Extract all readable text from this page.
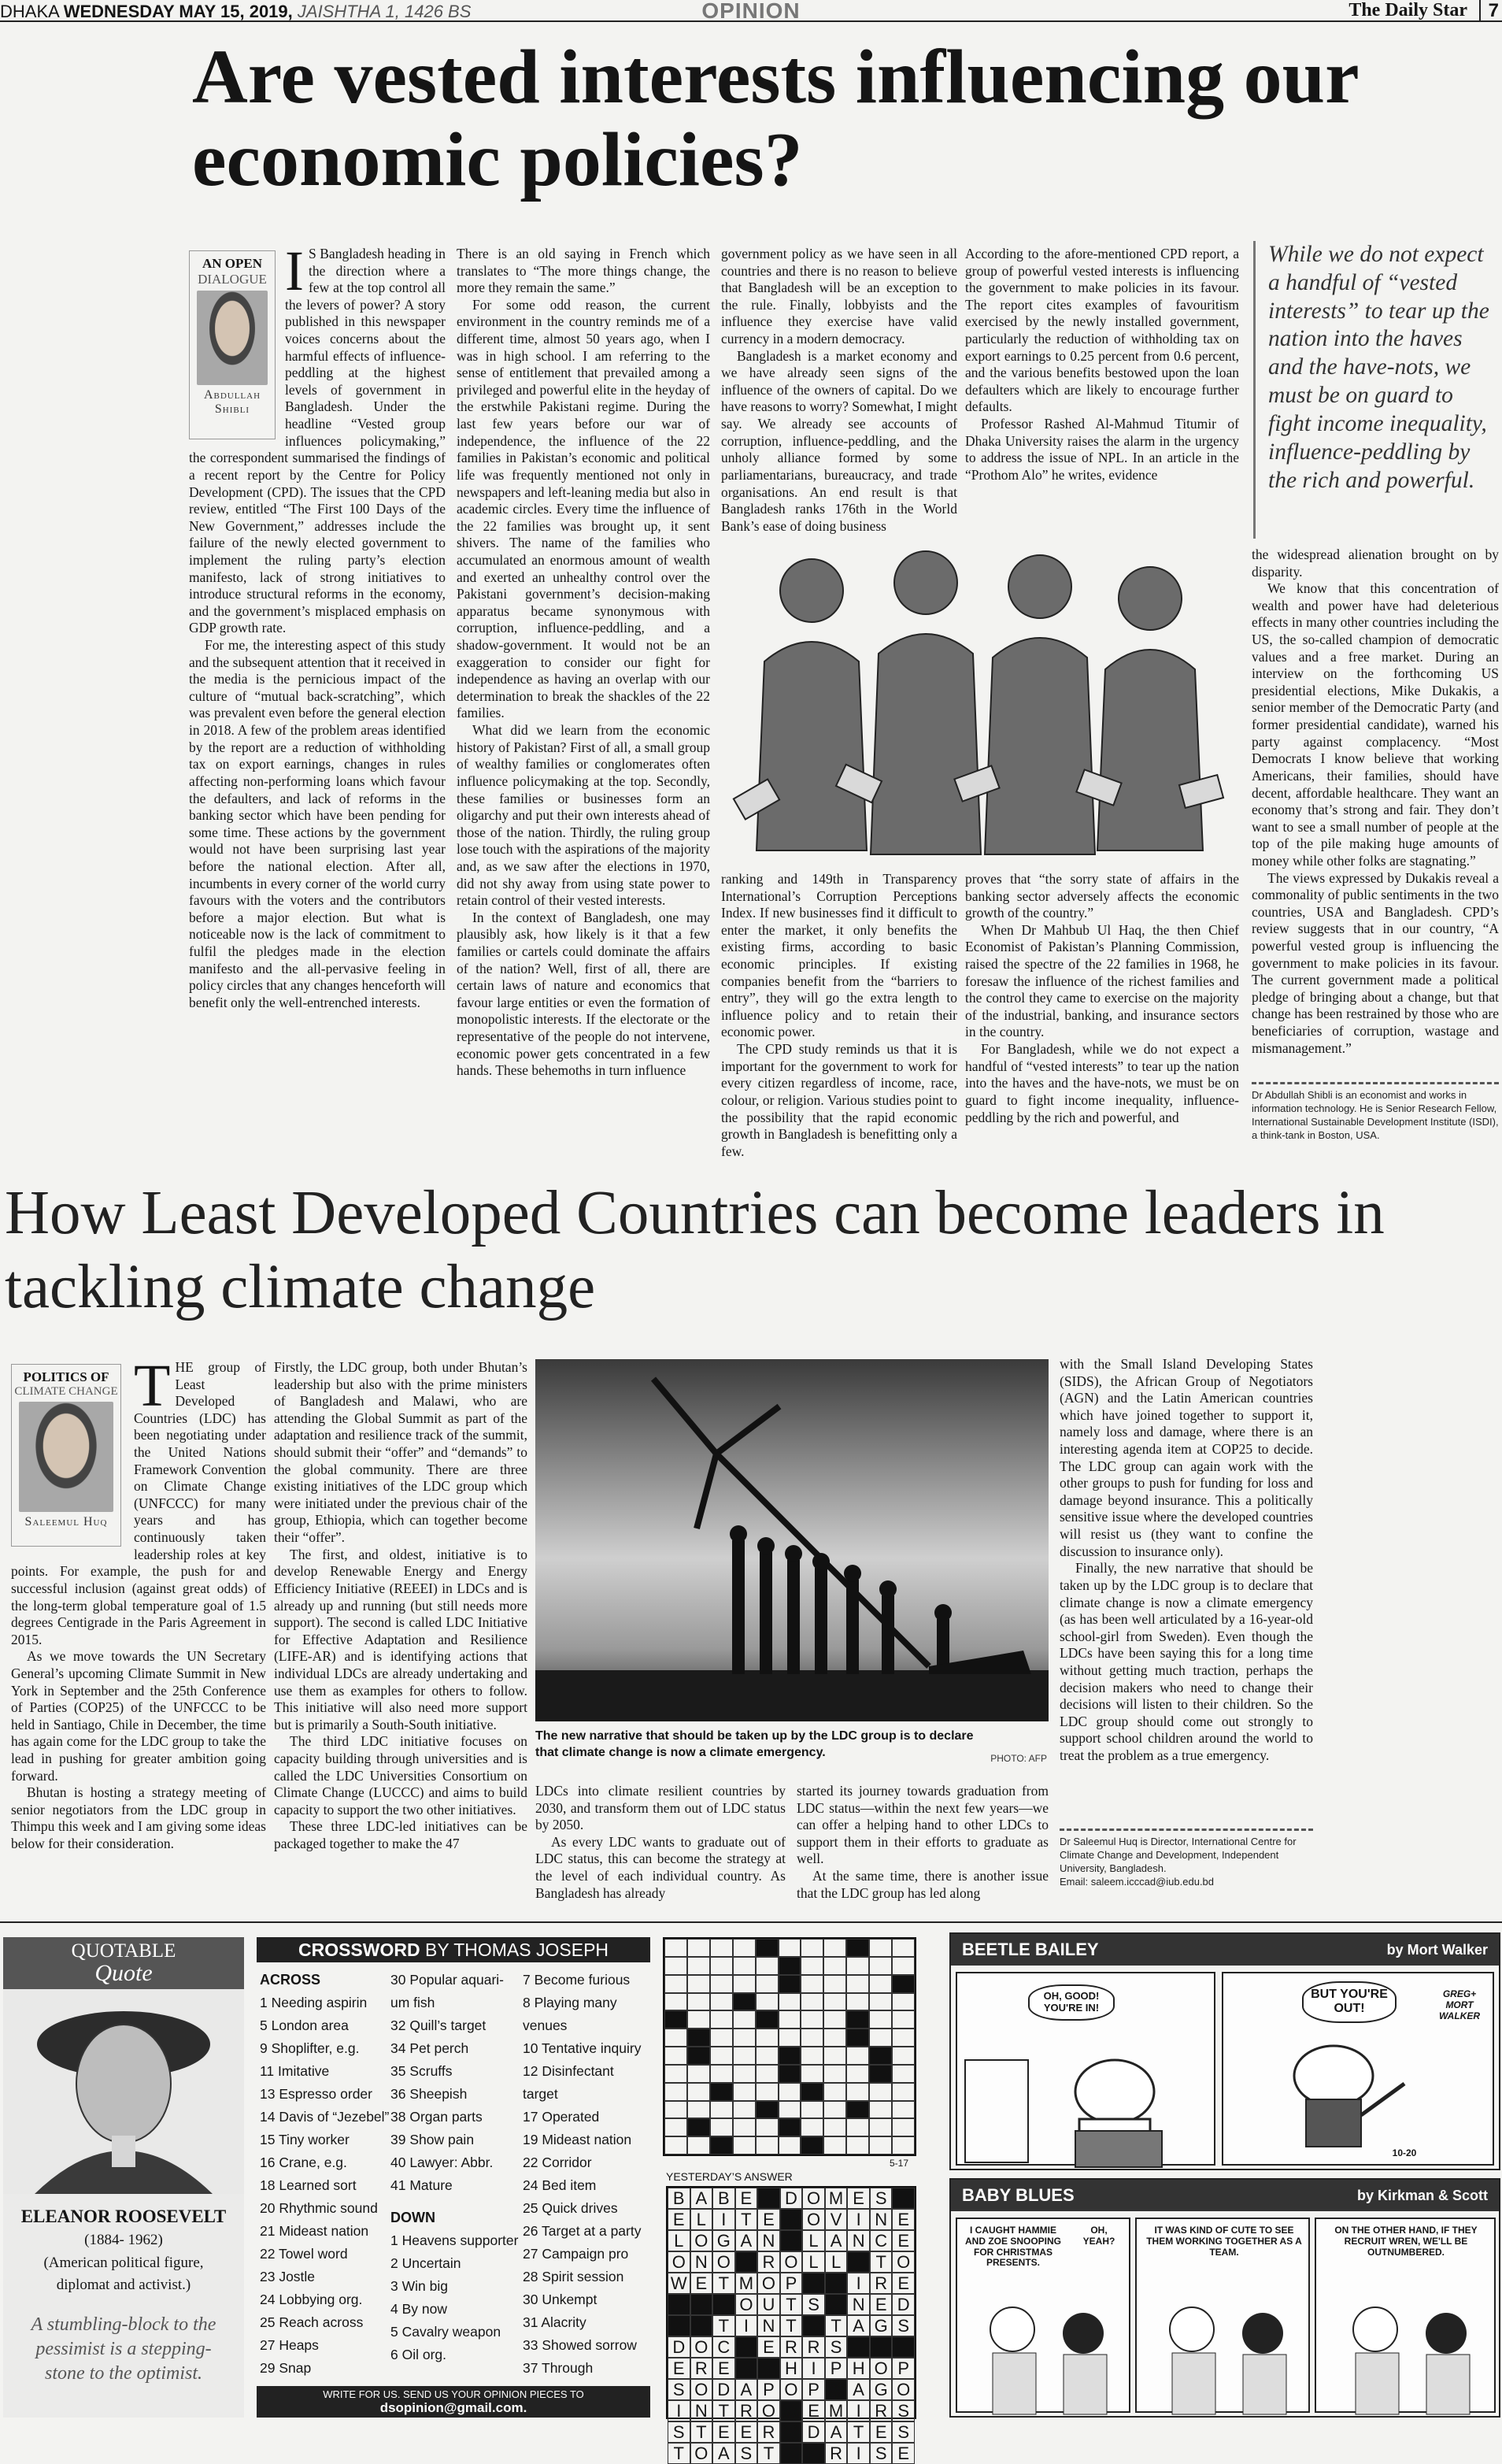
OPINION
DHAKA WEDNESDAY MAY 15, 2019, JAISHTHA 1, 1426 BS	The Daily Star	7
Are vested interests influencing our economic policies?
AN OPEN
DIALOGUE
Abdullah Shibli
I S Bangladesh heading in the direction where a few at the top control all the levers of power? A story published in this newspaper voices concerns about the harmful effects of influence-peddling at the highest levels of government in Bangladesh. Under the headline “Vested group influences policymaking,” the correspondent summarised the findings of a recent report by the Centre for Policy Development (CPD). The issues that the CPD review, entitled “The First 100 Days of the New Government,” addresses include the failure of the newly elected government to implement the ruling party’s election manifesto, lack of strong initiatives to introduce structural reforms in the economy, and the government’s misplaced emphasis on GDP growth rate.

For me, the interesting aspect of this study and the subsequent attention that it received in the media is the pernicious impact of the culture of “mutual back-scratching”, which was prevalent even before the general election in 2018. A few of the problem areas identified by the report are a reduction of withholding tax on export earnings, changes in rules affecting non-performing loans which favour the defaulters, and lack of reforms in the banking sector which have been pending for some time. These actions by the government would not have been surprising last year before the national election. After all, incumbents in every corner of the world curry favours with the voters and the contributors before a major election. But what is noticeable now is the lack of commitment to fulfil the pledges made in the election manifesto and the all-pervasive feeling in policy circles that any changes henceforth will benefit only the well-entrenched interests.

There is an old saying in French which translates to “The more things change, the more they remain the same.”

For some odd reason, the current environment in the country reminds me of a different time, almost 50 years ago, when I was in high school. I am referring to the sense of entitlement that prevailed among a privileged and powerful elite in the heyday of the erstwhile Pakistani regime. During the last few years before our war of independence, the influence of the 22 families in Pakistan’s economic and political life was frequently mentioned not only in newspapers and left-leaning media but also in academic circles. Every time the influence of the 22 families was brought up, it sent shivers. The name of the families who accumulated an enormous amount of wealth and exerted an unhealthy control over the Pakistani government’s decision-making apparatus became synonymous with corruption, influence-peddling, and a shadow-government. It would not be an exaggeration to consider our fight for independence as having an overlap with our determination to break the shackles of the 22 families.

What did we learn from the economic history of Pakistan? First of all, a small group of wealthy families or conglomerates often influence policymaking at the top. Secondly, these families or businesses form an oligarchy and put their own interests ahead of those of the nation. Thirdly, the ruling group lose touch with the aspirations of the majority and, as we saw after the elections in 1970, did not shy away from using state power to retain control of their vested interests.

In the context of Bangladesh, one may plausibly ask, how likely is it that a few families or cartels could dominate the affairs of the nation? Well, first of all, there are certain laws of nature and economics that favour large entities or even the formation of monopolistic interests. If the electorate or the representative of the people do not intervene, economic power gets concentrated in a few hands. These behemoths in turn influence

government policy as we have seen in all countries and there is no reason to believe that Bangladesh will be an exception to the rule. Finally, lobbyists and the influence they exercise have valid currency in a modern democracy.

Bangladesh is a market economy and we have already seen signs of the influence of the owners of capital. Do we have reasons to worry? Somewhat, I might say. We already see accounts of corruption, influence-peddling, and the unholy alliance formed by some parliamentarians, bureaucracy, and trade organisations. An end result is that Bangladesh ranks 176th in the World Bank’s ease of doing business

According to the afore-mentioned CPD report, a group of powerful vested interests is influencing the government to make policies in its favour. The report cites examples of favouritism exercised by the newly installed government, particularly the reduction of withholding tax on export earnings to 0.25 percent from 0.6 percent, and the various benefits bestowed upon the loan defaulters which are likely to encourage further defaults.

Professor Rashed Al-Mahmud Titumir of Dhaka University raises the alarm in the urgency to address the issue of NPL. In an article in the “Prothom Alo” he writes, evidence

ranking and 149th in Transparency International’s Corruption Perceptions Index. If new businesses find it difficult to enter the market, it only benefits the existing firms, according to basic economic principles. If existing companies benefit from the “barriers to entry”, they will go the extra length to influence policy and to retain their economic power.

The CPD study reminds us that it is important for the government to work for every citizen regardless of income, race, colour, or religion. Various studies point to the possibility that the rapid economic growth in Bangladesh is benefitting only a few.

proves that “the sorry state of affairs in the banking sector adversely affects the economic growth of the country.”

When Dr Mahbub Ul Haq, the then Chief Economist of Pakistan’s Planning Commission, raised the spectre of the 22 families in 1968, he foresaw the influence of the richest families and the control they came to exercise on the majority of the industrial, banking, and insurance sectors in the country.

For Bangladesh, while we do not expect a handful of “vested interests” to tear up the nation into the haves and the have-nots, we must be on guard to fight income inequality, influence-peddling by the rich and powerful, and

While we do not expect a handful of “vested interests” to tear up the nation into the haves and the have-nots, we must be on guard to fight income inequality, influence-peddling by the rich and powerful.

the widespread alienation brought on by disparity.

We know that this concentration of wealth and power have had deleterious effects in many other countries including the US, the so-called champion of democratic values and a free market. During an interview on the forthcoming US presidential elections, Mike Dukakis, a senior member of the Democratic Party (and former presidential candidate), warned his party against complacency. “Most Democrats I know believe that working Americans, their families, should have decent, affordable healthcare. They want an economy that’s strong and fair. They don’t want to see a small number of people at the top of the pile making huge amounts of money while other folks are stagnating.”

The views expressed by Dukakis reveal a commonality of public sentiments in the two countries, USA and Bangladesh. CPD’s review suggests that in our country, “A powerful vested group is influencing the government to make policies in its favour. The current government made a political pledge of bringing about a change, but that change has been restrained by those who are beneficiaries of corruption, wastage and mismanagement.”

Dr Abdullah Shibli is an economist and works in information technology. He is Senior Research Fellow, International Sustainable Development Institute (ISDI), a think-tank in Boston, USA.
How Least Developed Countries can become leaders in tackling climate change
POLITICS OF
CLIMATE CHANGE
Saleemul Huq
T HE group of Least Developed Countries (LDC) has been negotiating under the United Nations Framework Convention on Climate Change (UNFCCC) for many years and has continuously taken leadership roles at key points. For example, the push for and successful inclusion (against great odds) of the long-term global temperature goal of 1.5 degrees Centigrade in the Paris Agreement in 2015.

As we move towards the UN Secretary General’s upcoming Climate Summit in New York in September and the 25th Conference of Parties (COP25) of the UNFCCC to be held in Santiago, Chile in December, the time has again come for the LDC group to take the lead in pushing for greater ambition going forward.

Bhutan is hosting a strategy meeting of senior negotiators from the LDC group in Thimpu this week and I am giving some ideas below for their consideration.

Firstly, the LDC group, both under Bhutan’s leadership but also with the prime ministers of Bangladesh and Malawi, who are attending the Global Summit as part of the adaptation and resilience track of the summit, should submit their “offer” and “demands” to the global community. There are three existing initiatives of the LDC group which were initiated under the previous chair of the group, Ethiopia, which can together become their “offer”.

The first, and oldest, initiative is to develop Renewable Energy and Energy Efficiency Initiative (REEEI) in LDCs and is already up and running (but still needs more support). The second is called LDC Initiative for Effective Adaptation and Resilience (LIFE-AR) and is identifying actions that individual LDCs are already undertaking and use them as examples for others to follow. This initiative will also need more support but is primarily a South-South initiative.

The third LDC initiative focuses on capacity building through universities and is called the LDC Universities Consortium on Climate Change (LUCCC) and aims to build capacity to support the two other initiatives.

These three LDC-led initiatives can be packaged together to make the 47

The new narrative that should be taken up by the LDC group is to declare that climate change is now a climate emergency.	PHOTO: AFP

LDCs into climate resilient countries by 2030, and transform them out of LDC status by 2050.

As every LDC wants to graduate out of LDC status, this can become the strategy at the level of each individual country. As Bangladesh has already

started its journey towards graduation from LDC status—within the next few years—we can offer a helping hand to other LDCs to support them in their efforts to graduate as well.

At the same time, there is another issue that the LDC group has led along

with the Small Island Developing States (SIDS), the African Group of Negotiators (AGN) and the Latin American countries which have joined together to support it, namely loss and damage, where there is an interesting agenda item at COP25 to decide. The LDC group can again work with the other groups to push for funding for loss and damage beyond insurance. This a politically sensitive issue where the developed countries will resist us (they want to confine the discussion to insurance only).

Finally, the new narrative that should be taken up by the LDC group is to declare that climate change is now a climate emergency (as has been well articulated by a 16-year-old school-girl from Sweden). Even though the LDCs have been saying this for a long time without getting much traction, perhaps the decision makers who need to change their decisions will listen to their children. So the LDC group should come out strongly to support school children around the world to treat the problem as a true emergency.

Dr Saleemul Huq is Director, International Centre for Climate Change and Development, Independent University, Bangladesh.
Email: saleem.icccad@iub.edu.bd
QUOTABLE
Quote
ELEANOR ROOSEVELT
(1884- 1962)
(American political figure, diplomat and activist.)
A stumbling-block to the pessimist is a stepping-stone to the optimist.
CROSSWORD BY THOMAS JOSEPH
ACROSS
1 Needing aspirin
5 London area
9 Shoplifter, e.g.
11 Imitative
13 Espresso order
14 Davis of “Jezebel”
15 Tiny worker
16 Crane, e.g.
18 Learned sort
20 Rhythmic sound
21 Mideast nation
22 Towel word
23 Jostle
24 Lobbying org.
25 Reach across
27 Heaps
29 Snap
30 Popular aquari-
um fish
32 Quill’s target
34 Pet perch
35 Scruffs
36 Sheepish
38 Organ parts
39 Show pain
40 Lawyer: Abbr.
41 Mature
DOWN
1 Heavens supporter
2 Uncertain
3 Win big
4 By now
5 Cavalry weapon
6 Oil org.
7 Become furious
8 Playing many
venues
10 Tentative inquiry
12 Disinfectant
target
17 Operated
19 Mideast nation
22 Corridor
24 Bed item
25 Quick drives
26 Target at a party
27 Campaign pro
28 Spirit session
30 Unkempt
31 Alacrity
33 Showed sorrow
37 Through
WRITE FOR US. SEND US YOUR OPINION PIECES TO
dsopinion@gmail.com.
5-17
YESTERDAY’S ANSWER
B A B E	D O M E S
E L I T E	O V I N E
L O G A N	L A N C E
O N O R O L L	T O
W E T M O P	I R E
O U T S	N E D
T I N T	T A G S
D O C	E R R S
E R E	H I P H O P
S O D A P O P	A G O
I N T R O	E M I R S
S T E E R D A T E S
T O A S T	R I S E
BEETLE BAILEY	by Mort Walker
OH, GOOD! YOU'RE IN!
BUT YOU'RE OUT!
GREG+ MORT WALKER
10-20
BABY BLUES	by Kirkman & Scott
I CAUGHT HAMMIE AND ZOE SNOOPING FOR CHRISTMAS PRESENTS.
OH, YEAH?
IT WAS KIND OF CUTE TO SEE THEM WORKING TOGETHER AS A TEAM.
ON THE OTHER HAND, IF THEY RECRUIT WREN, WE'LL BE OUTNUMBERED.
